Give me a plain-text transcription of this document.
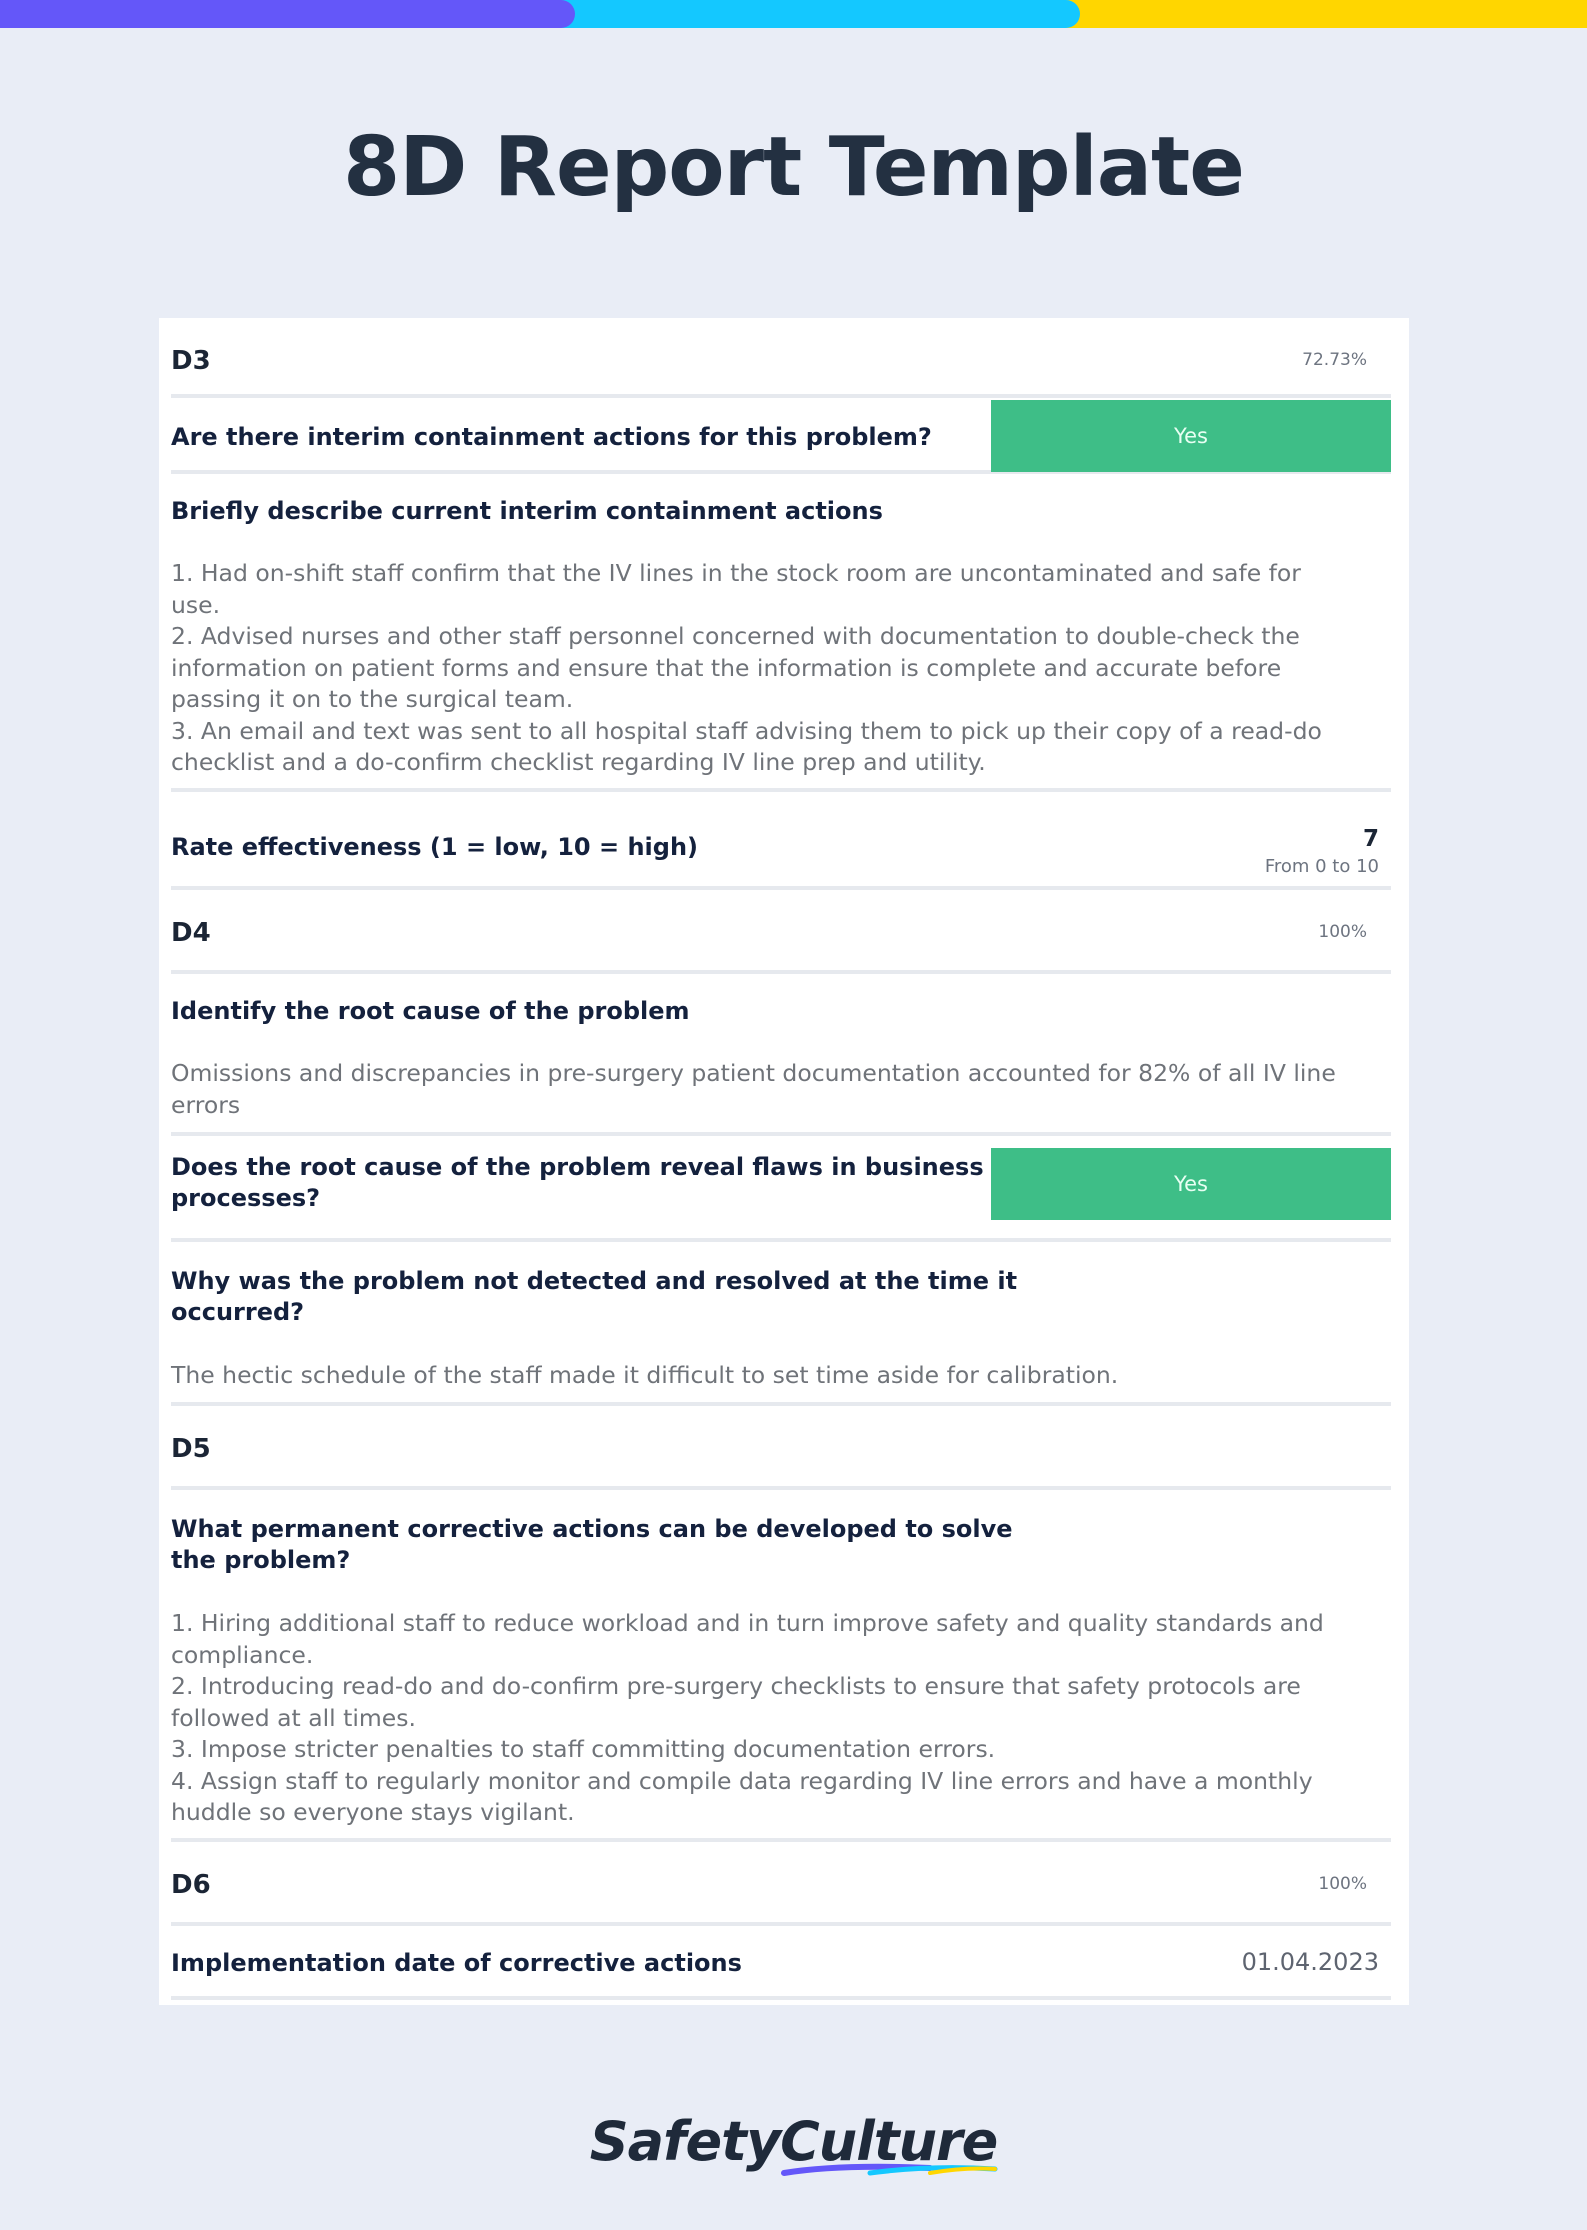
8D Report Template
D3	72.73%
Are there interim containment actions for this problem?	Yes
Briefly describe current interim containment actions
1. Had on-shift staff confirm that the IV lines in the stock room are uncontaminated and safe for
use.
2. Advised nurses and other staff personnel concerned with documentation to double-check the
information on patient forms and ensure that the information is complete and accurate before
passing it on to the surgical team.
3. An email and text was sent to all hospital staff advising them to pick up their copy of a read-do
checklist and a do-confirm checklist regarding IV line prep and utility.
Rate effectiveness (1 = low, 10 = high)	7
From 0 to 10
D4	100%
Identify the root cause of the problem
Omissions and discrepancies in pre-surgery patient documentation accounted for 82% of all IV line
errors
Does the root cause of the problem reveal flaws in business
processes?	Yes
Why was the problem not detected and resolved at the time it
occurred?
The hectic schedule of the staff made it difficult to set time aside for calibration.
D5
What permanent corrective actions can be developed to solve
the problem?
1. Hiring additional staff to reduce workload and in turn improve safety and quality standards and
compliance.
2. Introducing read-do and do-confirm pre-surgery checklists to ensure that safety protocols are
followed at all times.
3. Impose stricter penalties to staff committing documentation errors.
4. Assign staff to regularly monitor and compile data regarding IV line errors and have a monthly
huddle so everyone stays vigilant.
D6	100%
Implementation date of corrective actions	01.04.2023
SafetyCulture
